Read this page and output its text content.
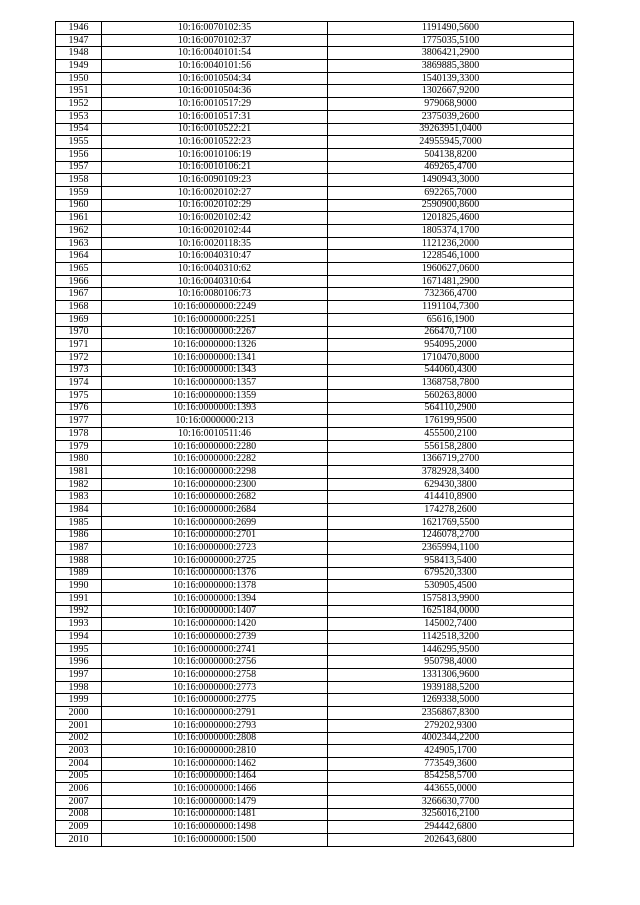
1946	10:16:0070102:35	1191490,5600
1947	10:16:0070102:37	1775035,5100
1948	10:16:0040101:54	3806421,2900
1949	10:16:0040101:56	3869885,3800
1950	10:16:0010504:34	1540139,3300
1951	10:16:0010504:36	1302667,9200
1952	10:16:0010517:29	979068,9000
1953	10:16:0010517:31	2375039,2600
1954	10:16:0010522:21	39263951,0400
1955	10:16:0010522:23	24955945,7000
1956	10:16:0010106:19	504138,8200
1957	10:16:0010106:21	469265,4700
1958	10:16:0090109:23	1490943,3000
1959	10:16:0020102:27	692265,7000
1960	10:16:0020102:29	2590900,8600
1961	10:16:0020102:42	1201825,4600
1962	10:16:0020102:44	1805374,1700
1963	10:16:0020118:35	1121236,2000
1964	10:16:0040310:47	1228546,1000
1965	10:16:0040310:62	1960627,0600
1966	10:16:0040310:64	1671481,2900
1967	10:16:0080106:73	732366,4700
1968	10:16:0000000:2249	1191104,7300
1969	10:16:0000000:2251	65616,1900
1970	10:16:0000000:2267	266470,7100
1971	10:16:0000000:1326	954095,2000
1972	10:16:0000000:1341	1710470,8000
1973	10:16:0000000:1343	544060,4300
1974	10:16:0000000:1357	1368758,7800
1975	10:16:0000000:1359	560263,8000
1976	10:16:0000000:1393	564110,2900
1977	10:16:0000000:213	176199,9500
1978	10:16:0010511:46	455500,2100
1979	10:16:0000000:2280	556158,2800
1980	10:16:0000000:2282	1366719,2700
1981	10:16:0000000:2298	3782928,3400
1982	10:16:0000000:2300	629430,3800
1983	10:16:0000000:2682	414410,8900
1984	10:16:0000000:2684	174278,2600
1985	10:16:0000000:2699	1621769,5500
1986	10:16:0000000:2701	1246078,2700
1987	10:16:0000000:2723	2365994,1100
1988	10:16:0000000:2725	958413,5400
1989	10:16:0000000:1376	679520,3300
1990	10:16:0000000:1378	530905,4500
1991	10:16:0000000:1394	1575813,9900
1992	10:16:0000000:1407	1625184,0000
1993	10:16:0000000:1420	145002,7400
1994	10:16:0000000:2739	1142518,3200
1995	10:16:0000000:2741	1446295,9500
1996	10:16:0000000:2756	950798,4000
1997	10:16:0000000:2758	1331306,9600
1998	10:16:0000000:2773	1939188,5200
1999	10:16:0000000:2775	1269338,5000
2000	10:16:0000000:2791	2356867,8300
2001	10:16:0000000:2793	279202,9300
2002	10:16:0000000:2808	4002344,2200
2003	10:16:0000000:2810	424905,1700
2004	10:16:0000000:1462	773549,3600
2005	10:16:0000000:1464	854258,5700
2006	10:16:0000000:1466	443655,0000
2007	10:16:0000000:1479	3266630,7700
2008	10:16:0000000:1481	3256016,2100
2009	10:16:0000000:1498	294442,6800
2010	10:16:0000000:1500	202643,6800
